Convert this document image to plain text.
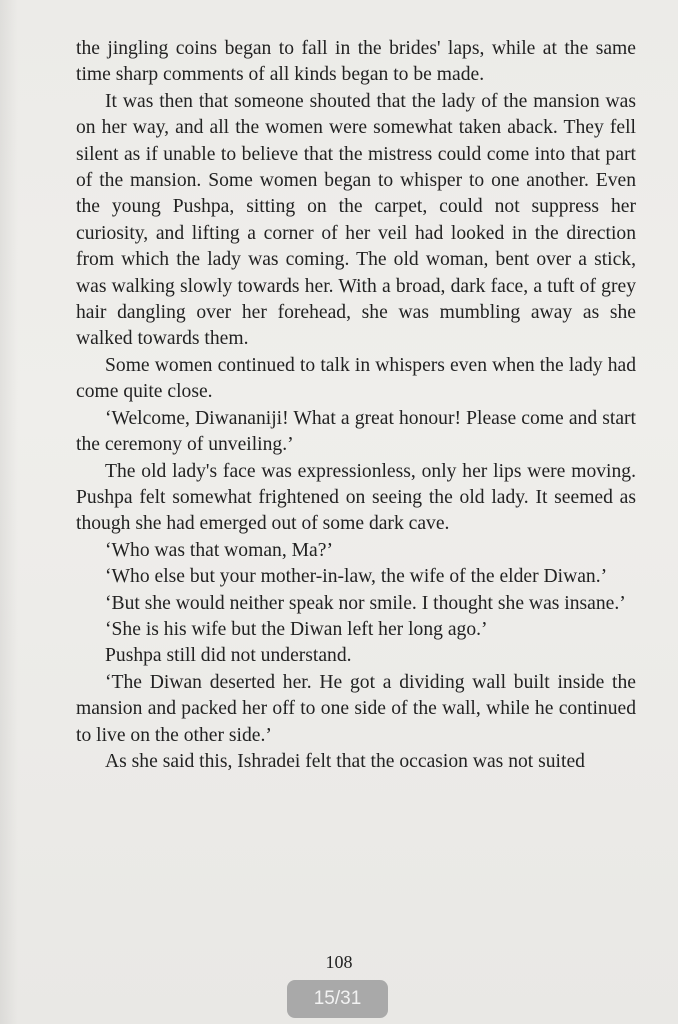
the jingling coins began to fall in the brides' laps, while at the same time sharp comments of all kinds began to be made.

It was then that someone shouted that the lady of the mansion was on her way, and all the women were somewhat taken aback. They fell silent as if unable to believe that the mistress could come into that part of the mansion. Some women began to whisper to one another. Even the young Pushpa, sitting on the carpet, could not suppress her curiosity, and lifting a corner of her veil had looked in the direction from which the lady was coming. The old woman, bent over a stick, was walking slowly towards her. With a broad, dark face, a tuft of grey hair dangling over her forehead, she was mumbling away as she walked towards them.

Some women continued to talk in whispers even when the lady had come quite close.

‘Welcome, Diwananiji! What a great honour! Please come and start the ceremony of unveiling.’

The old lady's face was expressionless, only her lips were moving. Pushpa felt somewhat frightened on seeing the old lady. It seemed as though she had emerged out of some dark cave.

‘Who was that woman, Ma?’

‘Who else but your mother-in-law, the wife of the elder Diwan.’

‘But she would neither speak nor smile. I thought she was insane.’

‘She is his wife but the Diwan left her long ago.’

Pushpa still did not understand.

‘The Diwan deserted her. He got a dividing wall built inside the mansion and packed her off to one side of the wall, while he continued to live on the other side.’

As she said this, Ishradei felt that the occasion was not suited

108
15/31
